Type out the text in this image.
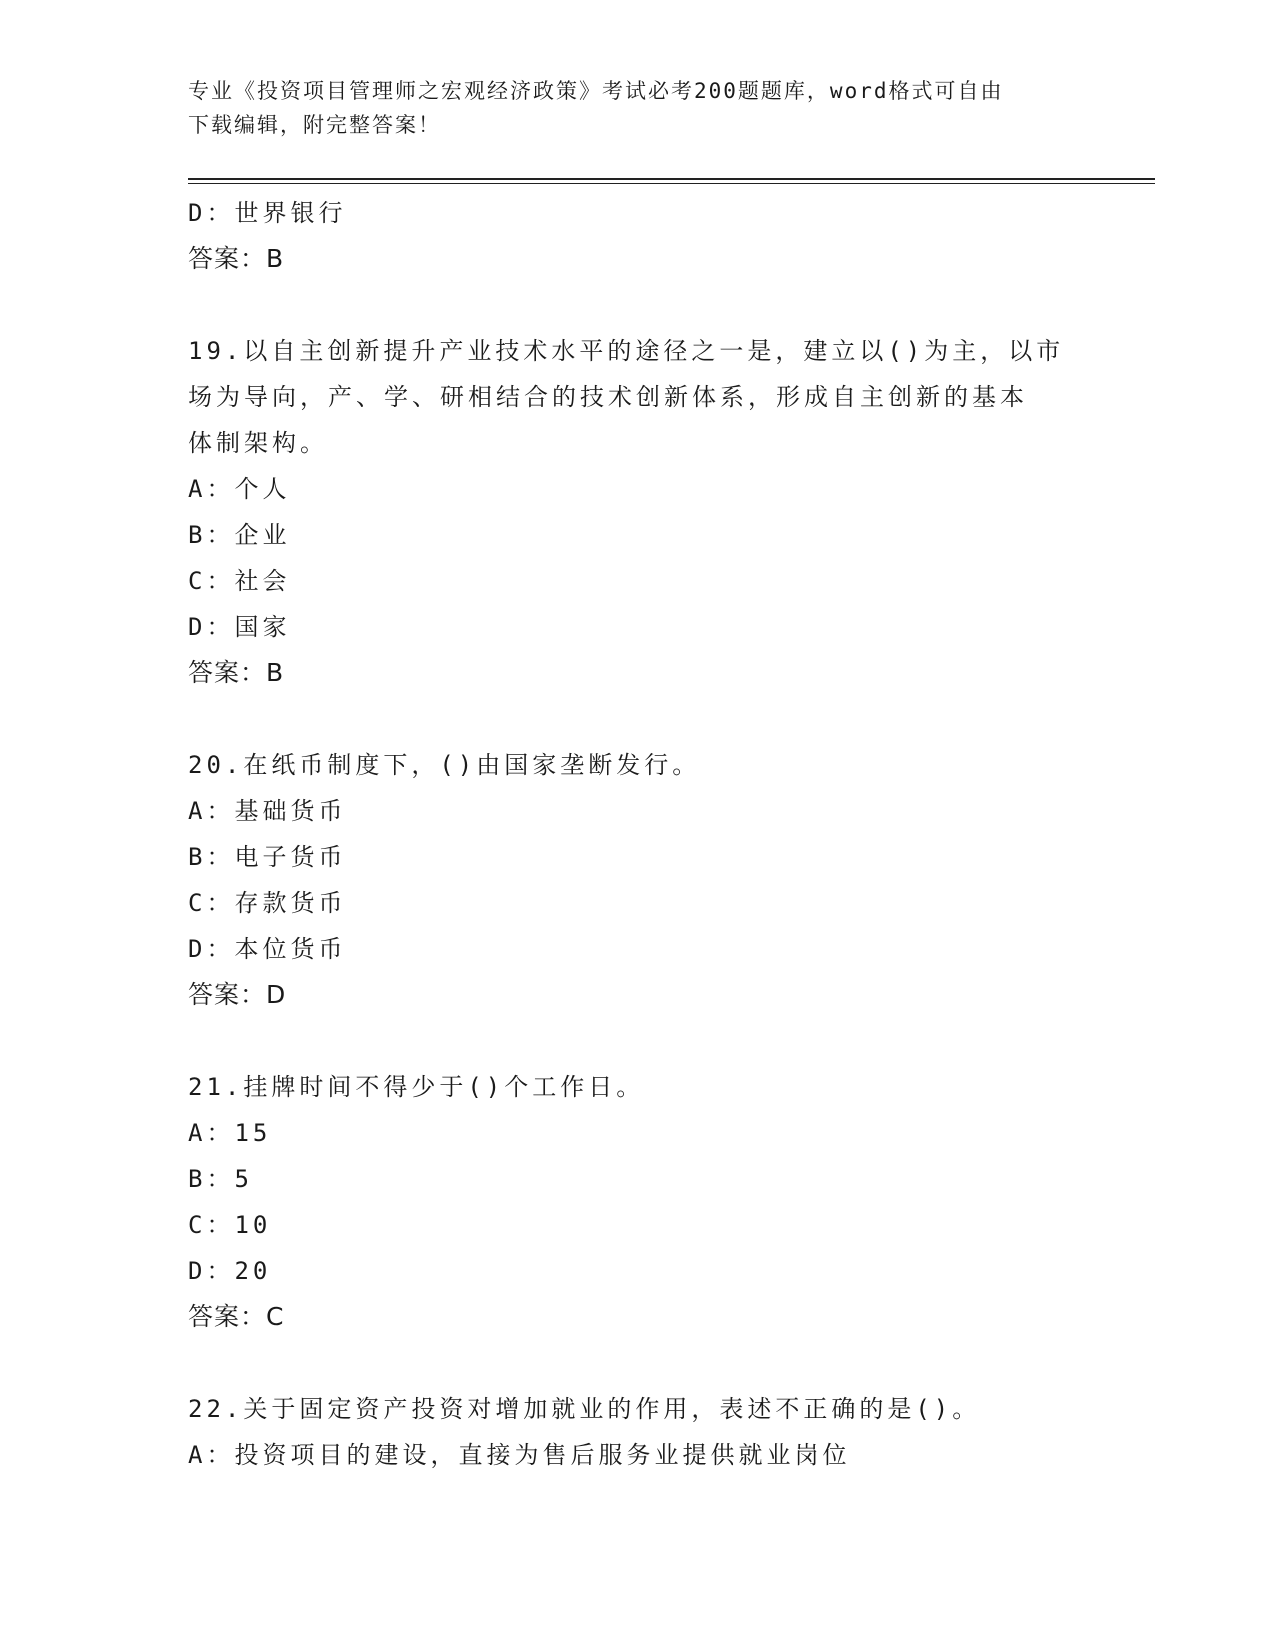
专业《投资项目管理师之宏观经济政策》考试必考200题题库，word格式可自由
下载编辑，附完整答案！
D：世界银行
答案：B
19.以自主创新提升产业技术水平的途径之一是，建立以()为主，以市
场为导向，产、学、研相结合的技术创新体系，形成自主创新的基本
体制架构。
A：个人
B：企业
C：社会
D：国家
答案：B
20.在纸币制度下，()由国家垄断发行。
A：基础货币
B：电子货币
C：存款货币
D：本位货币
答案：D
21.挂牌时间不得少于()个工作日。
A：15
B：5
C：10
D：20
答案：C
22.关于固定资产投资对增加就业的作用，表述不正确的是()。
A：投资项目的建设，直接为售后服务业提供就业岗位
